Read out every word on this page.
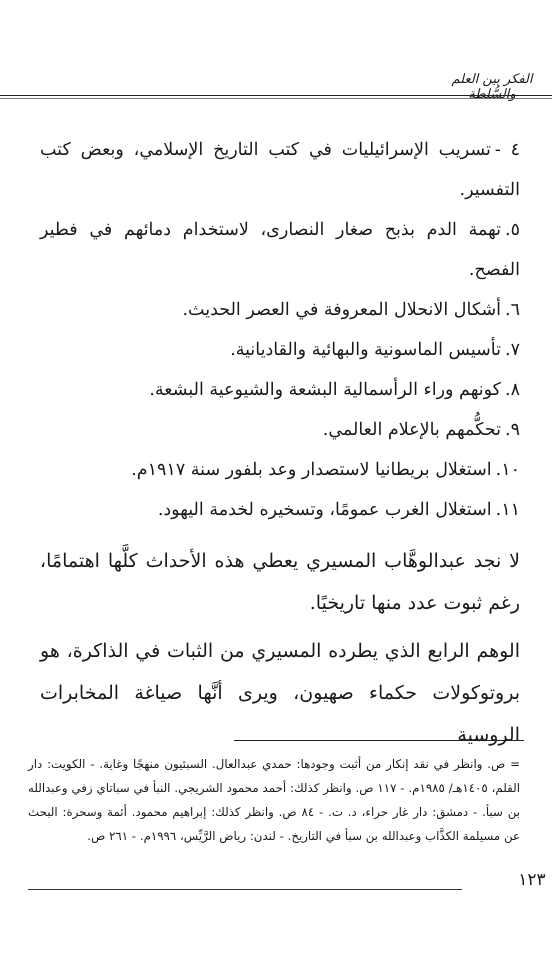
الفكر بين العلم والسُّلطة
٤ -تسريب الإسرائيليات في كتب التاريخ الإسلامي، وبعض كتب التفسير.
٥.تهمة الدم بذبح صغار النصارى، لاستخدام دمائهم في فطير الفصح.
٦.أشكال الانحلال المعروفة في العصر الحديث.
٧.تأسيس الماسونية والبهائية والقاديانية.
٨.كونهم وراء الرأسمالية البشعة والشيوعية البشعة.
٩.تحكُّمهم بالإعلام العالمي.
١٠.استغلال بريطانيا لاستصدار وعد بلفور سنة ١٩١٧م.
١١.استغلال الغرب عمومًا، وتسخيره لخدمة اليهود.

لا نجد عبدالوهَّاب المسيري يعطي هذه الأحداث كلَّها اهتمامًا، رغم ثبوت عدد منها تاريخيًا.

الوهم الرابع الذي يطرده المسيري من الثبات في الذاكرة، هو بروتوكولات حكماء صهيون، ويرى أنَّها صياغة المخابرات الروسية

= ص. وانظر في نقد إنكار من أثبت وجودها: حمدي عبدالعال. السبئيون منهجًا وغاية. - الكويت: دار القلم، ١٤٠٥هـ/ ١٩٨٥م. - ١١٧ ص. وانظر كذلك: أحمد محمود الشريجي. النبأ في سباتاي زفي وعبدالله بن سبأ. - دمشق: دار غار حراء، د. ت. - ٨٤ ص. وانظر كذلك: إبراهيم محمود. أئمة وسحرة: البحث عن مسيلمة الكذَّاب وعبدالله بن سبأ في التاريخ. - لندن: رياض الرَّيِّس، ١٩٩٦م. - ٢٦١ ص.

١٢٣
